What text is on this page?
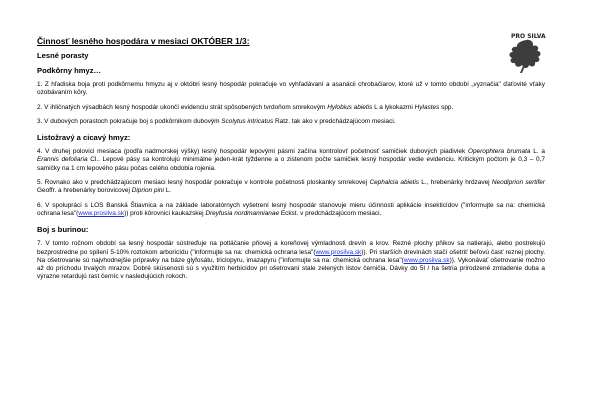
PRO SILVA
Činnosť lesného hospodára v mesiaci OKTÓBER 1/3:
Lesné porasty
Podkôrny hmyz…

1. Z hľadiska boja proti podkôrnemu hmyzu aj v októbri lesný hospodár pokračuje vo vyhľadávaní a asanácii chrobačiarov, ktoré už v tomto období „vyznačia" ďaťovité vťaky ozobávaním kôry.

2. V ihličnatých výsadbách lesný hospodár ukončí evidenciu strát spôsobených tvrdoňom smrekovým Hylobius abietis L a lykokazmi Hylastes spp.

3. V dubových porastoch pokračuje boj s podkôrnikom dubovým Scolytus intricatus Ratz. tak ako v predchádzajúcom mesiaci.

Listožravý a cicavý hmyz:

4. V druhej polovici mesiaca (podľa nadmorskej výšky) lesný hospodár lepovými pásmi začína kontrolovť početnosť samičiek dubových piadiviek Operophtera brumata L. a Erannis defoliaria Cl.. Lepové pásy sa kontrolujú minimálne jeden-krát týždenne a o zistenom počte samičiek lesný hospodár vedie evidenciu. Kritickým počtom je 0,3 – 0,7 samičky na 1 cm lepového pásu počas celého obdobia rojenia.

5. Rovnako ako v predchádzajúcom mesiaci lesný hospodár pokračuje v kontrole početnosti ploskanky smrekovej Cephalcia abietis L., hrebenárky hrdzavej Neodiprion sertifer Geoffr. a hrebenárky borovicovej Diprion pini L.

6. V spolupráci s LOS Banská Štiavnica a na základe laboratórnych vyšetrení lesný hospodár stanovuje mieru účinnosti aplikácie insekticídov ("informujte sa na: chemická ochrana lesa"(www.prosilva.sk)) proti kôrovnici kaukazskej Dreyfusia nordmannianae Eckst. v predchádzajúcom mesiaci.

Boj s burinou:

7. V tomto ročnom období sa lesný hospodár sústreďuje na potláčanie pňovej a koreňovej výmladnosti drevín a krov. Rezné plochy pňikov sa natierajú, alebo postrekujú bezprostredne po spílení 5-10% roztokom arboricídu ("informujte sa na: chemická ochrana lesa"(www.prosilva.sk)). Pri starších drevinách stačí ošetriť beľovú časť reznej plochy. Na ošetrovanie sú najvhodnejšie prípravky na báze glyfosátu, triclopyru, imazapyru ("informujte sa na: chemická ochrana lesa"(www.prosilva.sk)). Vykonávať ošetrovanie možno až do príchodu trvalých mrazov. Dobré skúsenosti sú s využitím herbicídov pri ošetrovaní stale zelených listov černičia. Dávky do 5l / ha šetria prirodzené zmladenie duba a výrazne retardujú rast černíc v nasledujúcich rokoch.
